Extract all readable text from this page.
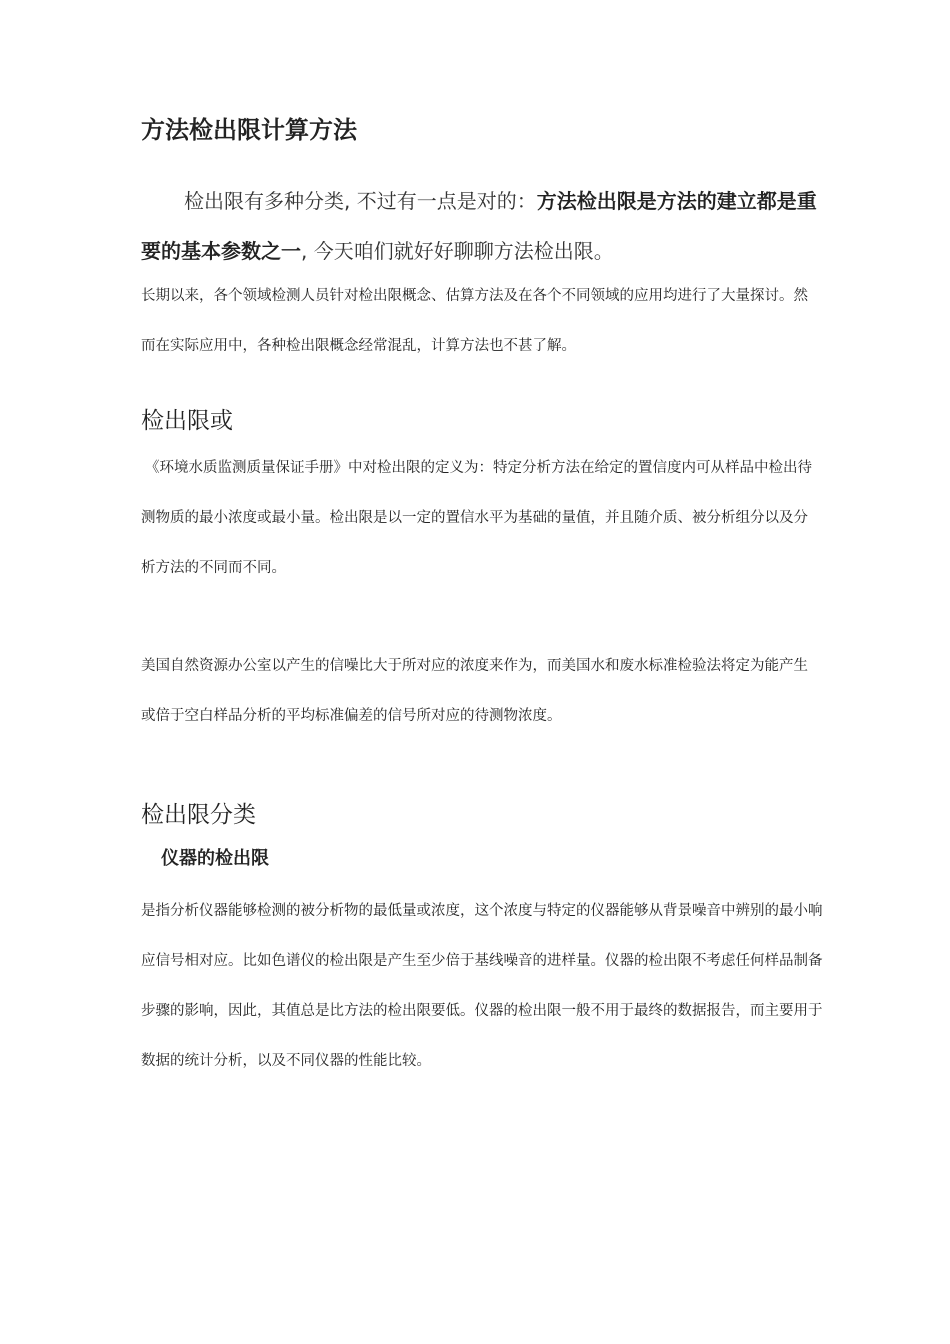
方法检出限计算方法

检出限有多种分类, 不过有一点是对的：方法检出限是方法的建立都是重要的基本参数之一, 今天咱们就好好聊聊方法检出限。

长期以来，各个领域检测人员针对检出限概念、估算方法及在各个不同领域的应用均进行了大量探讨。然而在实际应用中，各种检出限概念经常混乱，计算方法也不甚了解。

检出限或

《环境水质监测质量保证手册》中对检出限的定义为：特定分析方法在给定的置信度内可从样品中检出待测物质的最小浓度或最小量。检出限是以一定的置信水平为基础的量值，并且随介质、被分析组分以及分析方法的不同而不同。

美国自然资源办公室以产生的信噪比大于所对应的浓度来作为，而美国水和废水标准检验法将定为能产生或倍于空白样品分析的平均标准偏差的信号所对应的待测物浓度。

检出限分类
仪器的检出限

是指分析仪器能够检测的被分析物的最低量或浓度，这个浓度与特定的仪器能够从背景噪音中辨别的最小响应信号相对应。比如色谱仪的检出限是产生至少倍于基线噪音的进样量。仪器的检出限不考虑任何样品制备步骤的影响，因此，其值总是比方法的检出限要低。仪器的检出限一般不用于最终的数据报告，而主要用于数据的统计分析，以及不同仪器的性能比较。
